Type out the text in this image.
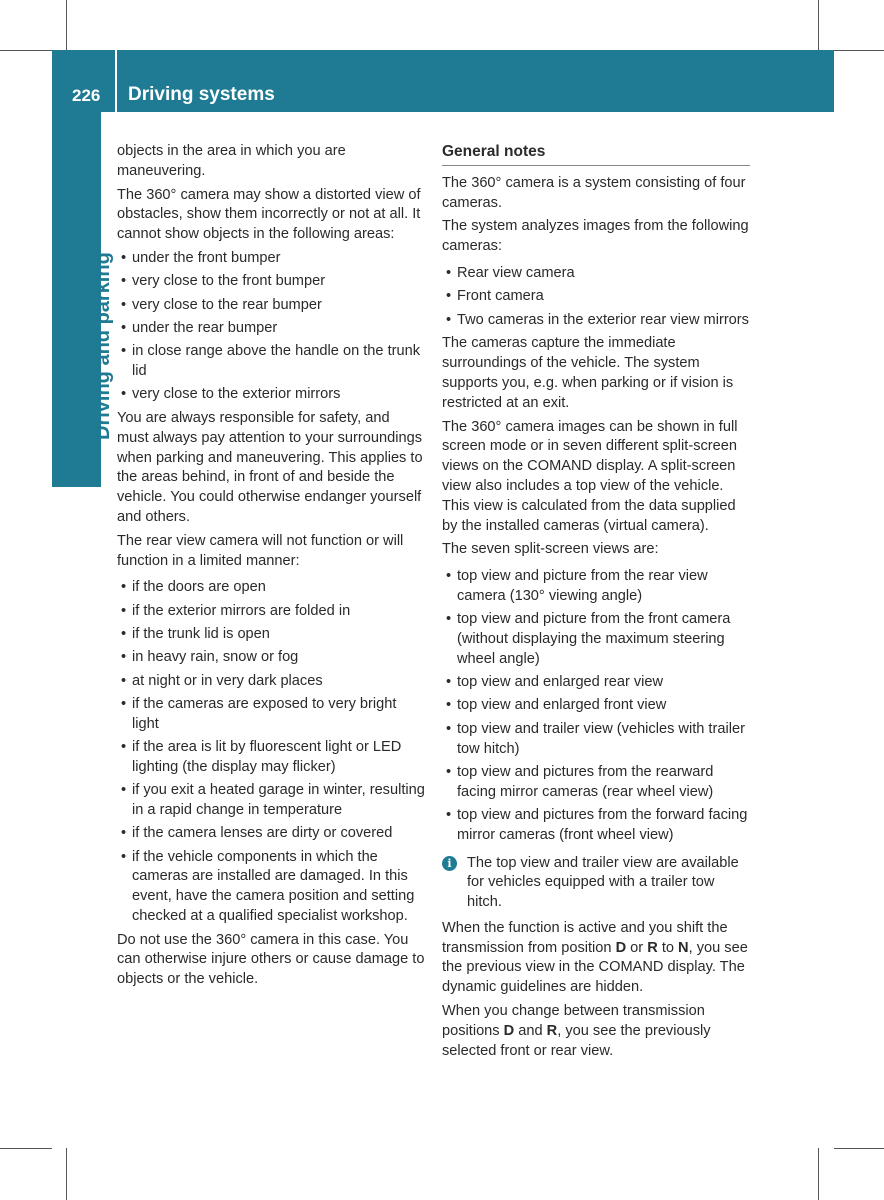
226 Driving systems
Driving and parking

objects in the area in which you are maneuvering.

The 360° camera may show a distorted view of obstacles, show them incorrectly or not at all. It cannot show objects in the following areas:

• under the front bumper
• very close to the front bumper
• very close to the rear bumper
• under the rear bumper
• in close range above the handle on the trunk lid
• very close to the exterior mirrors

You are always responsible for safety, and must always pay attention to your surroundings when parking and maneuvering. This applies to the areas behind, in front of and beside the vehicle. You could otherwise endanger yourself and others.

The rear view camera will not function or will function in a limited manner:

• if the doors are open
• if the exterior mirrors are folded in
• if the trunk lid is open
• in heavy rain, snow or fog
• at night or in very dark places
• if the cameras are exposed to very bright light
• if the area is lit by fluorescent light or LED lighting (the display may flicker)
• if you exit a heated garage in winter, resulting in a rapid change in temperature
• if the camera lenses are dirty or covered
• if the vehicle components in which the cameras are installed are damaged. In this event, have the camera position and setting checked at a qualified specialist workshop.

Do not use the 360° camera in this case. You can otherwise injure others or cause damage to objects or the vehicle.

General notes

The 360° camera is a system consisting of four cameras.

The system analyzes images from the following cameras:

• Rear view camera
• Front camera
• Two cameras in the exterior rear view mirrors

The cameras capture the immediate surroundings of the vehicle. The system supports you, e.g. when parking or if vision is restricted at an exit.

The 360° camera images can be shown in full screen mode or in seven different split-screen views on the COMAND display. A split-screen view also includes a top view of the vehicle. This view is calculated from the data supplied by the installed cameras (virtual camera).

The seven split-screen views are:

• top view and picture from the rear view camera (130° viewing angle)
• top view and picture from the front camera (without displaying the maximum steering wheel angle)
• top view and enlarged rear view
• top view and enlarged front view
• top view and trailer view (vehicles with trailer tow hitch)
• top view and pictures from the rearward facing mirror cameras (rear wheel view)
• top view and pictures from the forward facing mirror cameras (front wheel view)
i	The top view and trailer view are available for vehicles equipped with a trailer tow hitch.

When the function is active and you shift the transmission from position D or R to N, you see the previous view in the COMAND display. The dynamic guidelines are hidden.

When you change between transmission positions D and R, you see the previously selected front or rear view.
